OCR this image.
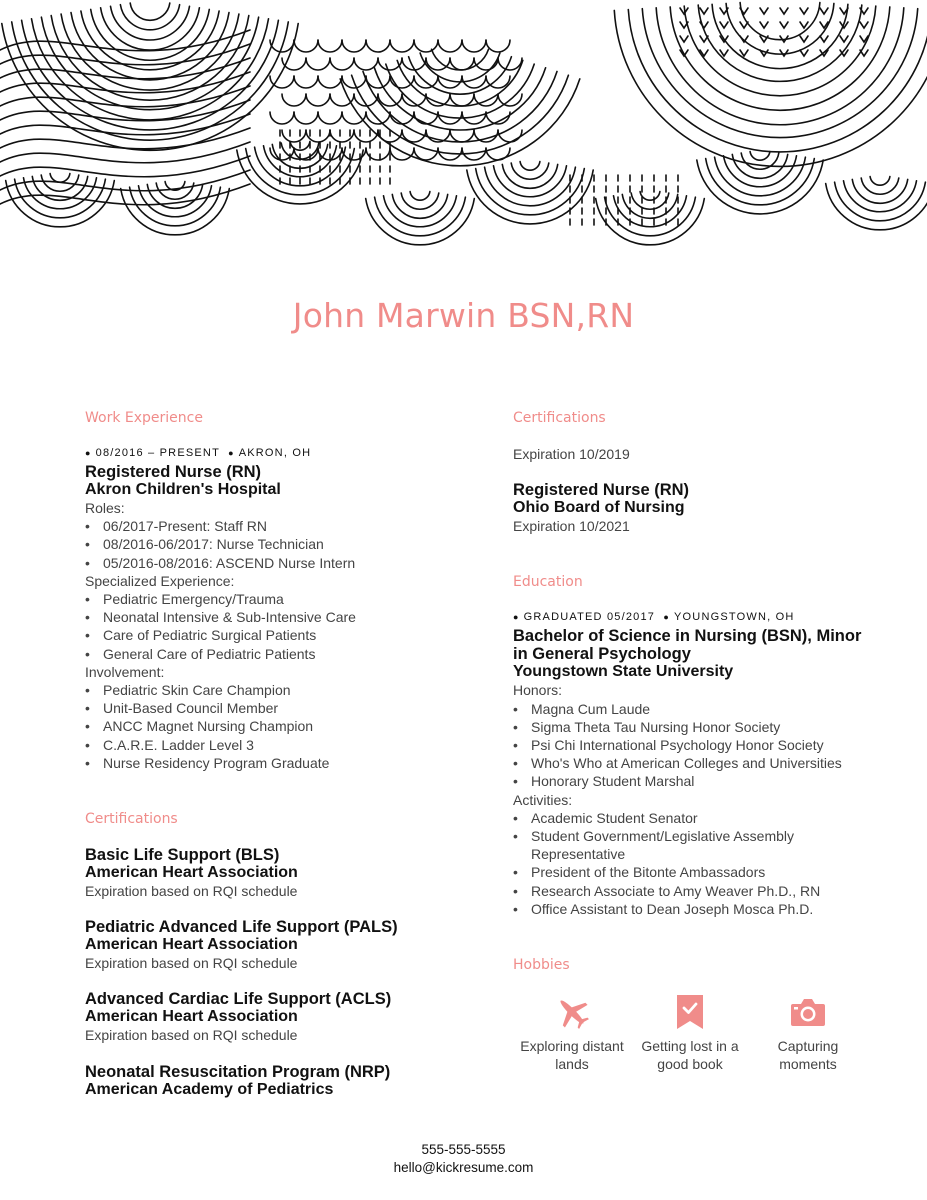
John Marwin BSN,RN
Work Experience
● 08/2016 – PRESENT ● AKRON, OH
Registered Nurse (RN)
Akron Children's Hospital
Roles:
• 06/2017-Present: Staff RN
• 08/2016-06/2017: Nurse Technician
• 05/2016-08/2016: ASCEND Nurse Intern
Specialized Experience:
• Pediatric Emergency/Trauma
• Neonatal Intensive & Sub-Intensive Care
• Care of Pediatric Surgical Patients
• General Care of Pediatric Patients
Involvement:
• Pediatric Skin Care Champion
• Unit-Based Council Member
• ANCC Magnet Nursing Champion
• C.A.R.E. Ladder Level 3
• Nurse Residency Program Graduate
Certifications
Basic Life Support (BLS)
American Heart Association
Expiration based on RQI schedule
Pediatric Advanced Life Support (PALS)
American Heart Association
Expiration based on RQI schedule
Advanced Cardiac Life Support (ACLS)
American Heart Association
Expiration based on RQI schedule
Neonatal Resuscitation Program (NRP)
American Academy of Pediatrics
Certifications
Expiration 10/2019
Registered Nurse (RN)
Ohio Board of Nursing
Expiration 10/2021
Education
● GRADUATED 05/2017 ● YOUNGSTOWN, OH
Bachelor of Science in Nursing (BSN), Minor in General Psychology
Youngstown State University
Honors:
• Magna Cum Laude
• Sigma Theta Tau Nursing Honor Society
• Psi Chi International Psychology Honor Society
• Who's Who at American Colleges and Universities
• Honorary Student Marshal
Activities:
• Academic Student Senator
• Student Government/Legislative Assembly Representative
• President of the Bitonte Ambassadors
• Research Associate to Amy Weaver Ph.D., RN
• Office Assistant to Dean Joseph Mosca Ph.D.
Hobbies
Exploring distant lands
Getting lost in a good book
Capturing moments
555-555-5555
hello@kickresume.com
